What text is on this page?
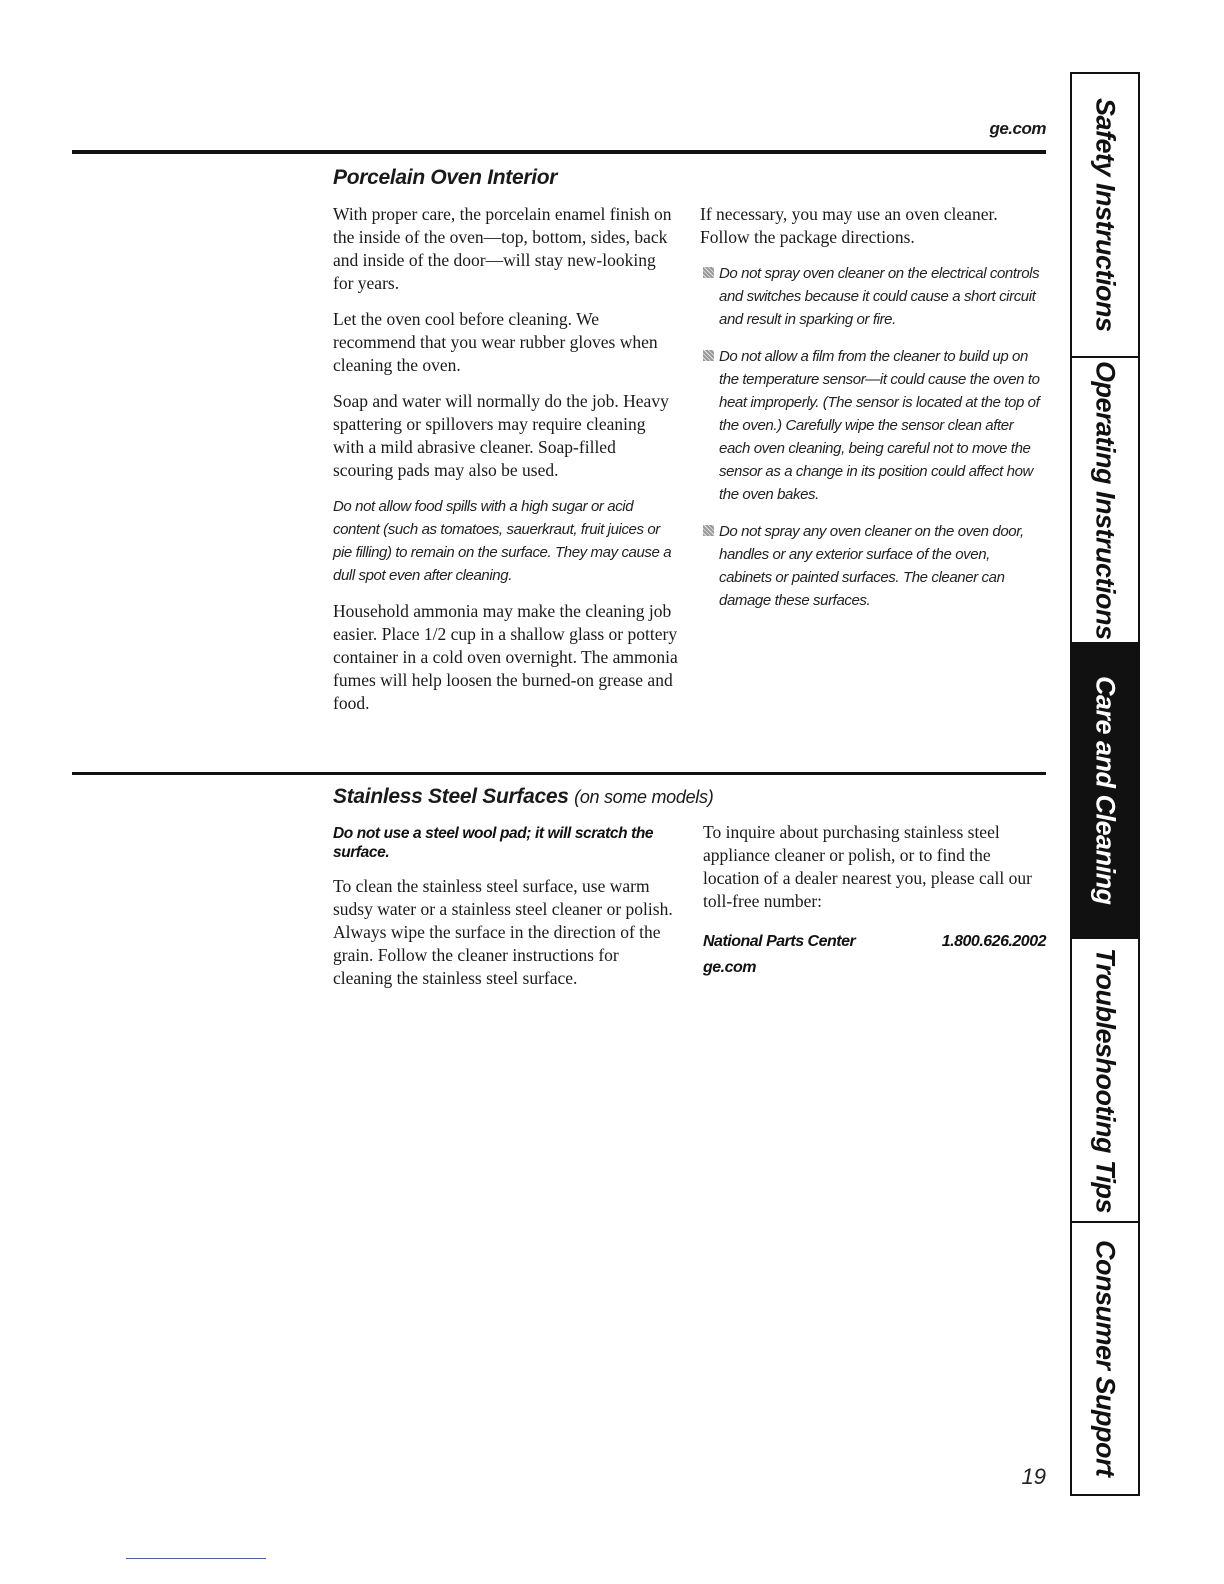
ge.com
Porcelain Oven Interior

With proper care, the porcelain enamel finish on the inside of the oven—top, bottom, sides, back and inside of the door—will stay new-looking for years.

Let the oven cool before cleaning. We recommend that you wear rubber gloves when cleaning the oven.

Soap and water will normally do the job. Heavy spattering or spillovers may require cleaning with a mild abrasive cleaner. Soap-filled scouring pads may also be used.

Do not allow food spills with a high sugar or acid content (such as tomatoes, sauerkraut, fruit juices or pie filling) to remain on the surface. They may cause a dull spot even after cleaning.

Household ammonia may make the cleaning job easier. Place 1/2 cup in a shallow glass or pottery container in a cold oven overnight. The ammonia fumes will help loosen the burned-on grease and food.

If necessary, you may use an oven cleaner. Follow the package directions.

Do not spray oven cleaner on the electrical controls and switches because it could cause a short circuit and result in sparking or fire.
Do not allow a film from the cleaner to build up on the temperature sensor—it could cause the oven to heat improperly. (The sensor is located at the top of the oven.) Carefully wipe the sensor clean after each oven cleaning, being careful not to move the sensor as a change in its position could affect how the oven bakes.
Do not spray any oven cleaner on the oven door, handles or any exterior surface of the oven, cabinets or painted surfaces. The cleaner can damage these surfaces.
Stainless Steel Surfaces (on some models)

Do not use a steel wool pad; it will scratch the surface.

To clean the stainless steel surface, use warm sudsy water or a stainless steel cleaner or polish. Always wipe the surface in the direction of the grain. Follow the cleaner instructions for cleaning the stainless steel surface.

To inquire about purchasing stainless steel appliance cleaner or polish, or to find the location of a dealer nearest you, please call our toll-free number:

National Parts Center	1.800.626.2002
ge.com
Safety Instructions
Operating Instructions
Care and Cleaning
Troubleshooting Tips
Consumer Support
19
